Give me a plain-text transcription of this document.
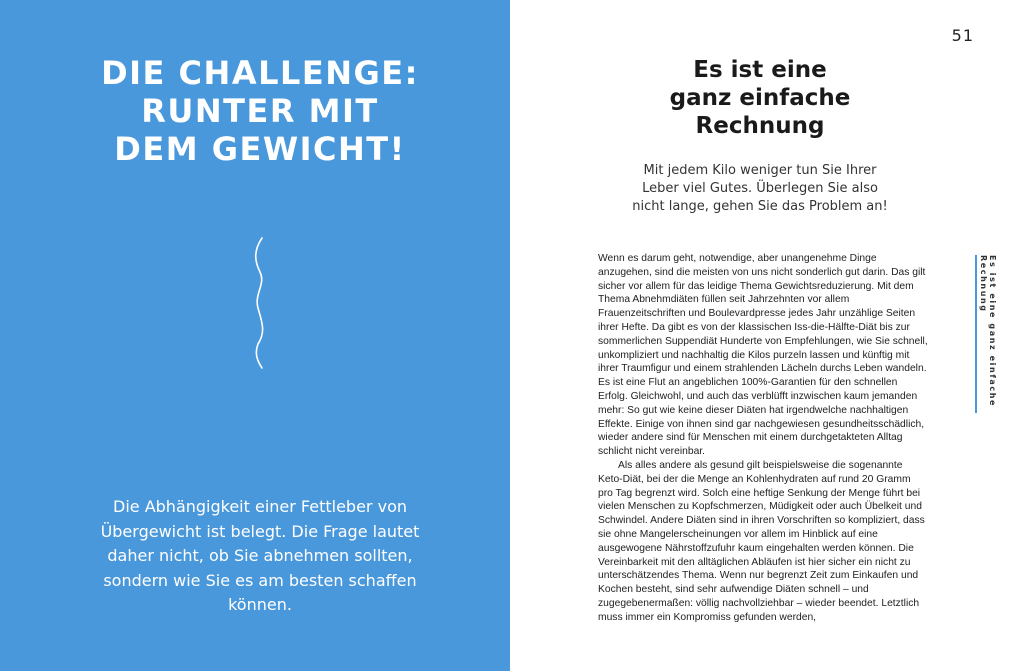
DIE CHALLENGE:
RUNTER MIT
DEM GEWICHT!

Die Abhängigkeit einer Fettleber von Übergewicht ist belegt. Die Frage lautet daher nicht, ob Sie abnehmen sollten, sondern wie Sie es am besten schaffen können.

51
Es ist eine
ganz einfache
Rechnung

Mit jedem Kilo weniger tun Sie Ihrer Leber viel Gutes. Überlegen Sie also nicht lange, gehen Sie das Problem an!

Wenn es darum geht, notwendige, aber unangenehme Dinge anzugehen, sind die meisten von uns nicht sonderlich gut darin. Das gilt sicher vor allem für das leidige Thema Gewichtsreduzierung. Mit dem Thema Abnehmdiäten füllen seit Jahrzehnten vor allem Frauenzeitschriften und Boulevardpresse jedes Jahr unzählige Seiten ihrer Hefte. Da gibt es von der klassischen Iss-die-Hälfte-Diät bis zur sommerlichen Suppendiät Hunderte von Empfehlungen, wie Sie schnell, unkompliziert und nachhaltig die Kilos purzeln lassen und künftig mit ihrer Traumfigur und einem strahlenden Lächeln durchs Leben wandeln. Es ist eine Flut an angeblichen 100%-Garantien für den schnellen Erfolg. Gleichwohl, und auch das verblüfft inzwischen kaum jemanden mehr: So gut wie keine dieser Diäten hat irgendwelche nachhaltigen Effekte. Einige von ihnen sind gar nachgewiesen gesundheitsschädlich, wieder andere sind für Menschen mit einem durchgetakteten Alltag schlicht nicht vereinbar.

Als alles andere als gesund gilt beispielsweise die sogenannte Keto-Diät, bei der die Menge an Kohlenhydraten auf rund 20 Gramm pro Tag begrenzt wird. Solch eine heftige Senkung der Menge führt bei vielen Menschen zu Kopfschmerzen, Müdigkeit oder auch Übelkeit und Schwindel. Andere Diäten sind in ihren Vorschriften so kompliziert, dass sie ohne Mangelerscheinungen vor allem im Hinblick auf eine ausgewogene Nährstoffzufuhr kaum eingehalten werden können. Die Vereinbarkeit mit den alltäglichen Abläufen ist hier sicher ein nicht zu unterschätzendes Thema. Wenn nur begrenzt Zeit zum Einkaufen und Kochen besteht, sind sehr aufwendige Diäten schnell – und zugegebenermaßen: völlig nachvollziehbar – wieder beendet. Letztlich muss immer ein Kompromiss gefunden werden,

Es ist eine ganz einfache Rechnung
